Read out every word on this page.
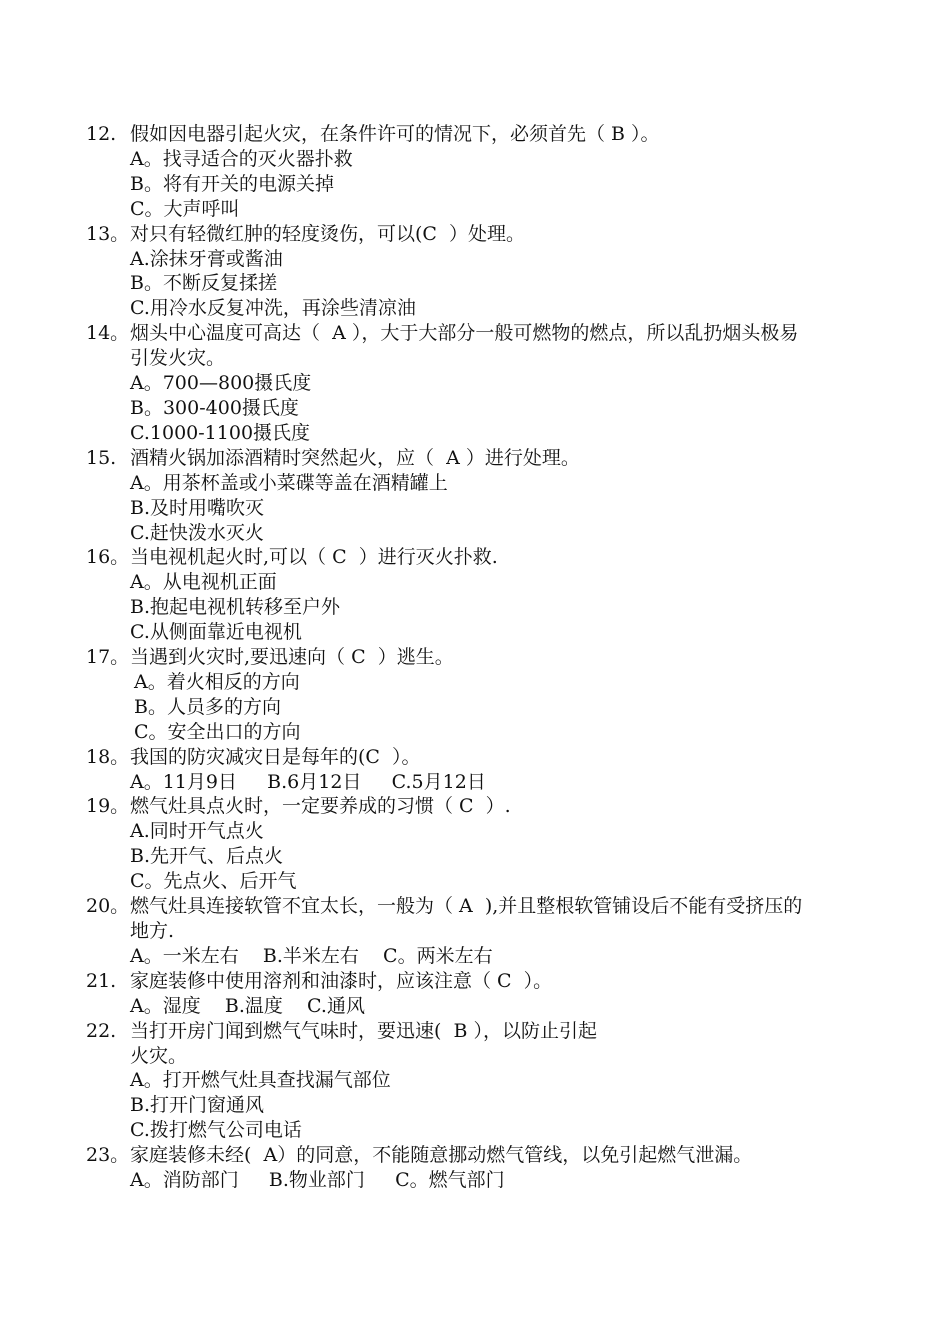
12. 假如因电器引起火灾，在条件许可的情况下，必须首先（ B ）。
A。找寻适合的灭火器扑救
B。将有开关的电源关掉
C。大声呼叫
13。 对只有轻微红肿的轻度烫伤，可以(C  ）处理。
A.涂抹牙膏或酱油
B。不断反复揉搓
C.用冷水反复冲洗，再涂些清凉油
14。 烟头中心温度可高达（  A ），大于大部分一般可燃物的燃点，所以乱扔烟头极易引发火灾。
A。700—800摄氏度
B。300-400摄氏度
C.1000-1100摄氏度
15. 酒精火锅加添酒精时突然起火，应（  A ）进行处理。
A。用茶杯盖或小菜碟等盖在酒精罐上
B.及时用嘴吹灭
C.赶快泼水灭火
16。 当电视机起火时,可以（ C  ）进行灭火扑救.
A。从电视机正面
B.抱起电视机转移至户外
C.从侧面靠近电视机
17。 当遇到火灾时,要迅速向（ C  ）逃生。
A。着火相反的方向
B。人员多的方向
C。安全出口的方向
18。 我国的防灾减灾日是每年的(C  ）。
A。11月9日     B.6月12日     C.5月12日
19。 燃气灶具点火时，一定要养成的习惯（ C  ）.
A.同时开气点火
B.先开气、后点火
C。先点火、后开气
20。 燃气灶具连接软管不宜太长，一般为（ A  ),并且整根软管铺设后不能有受挤压的地方.
A。一米左右    B.半米左右    C。两米左右
21. 家庭装修中使用溶剂和油漆时，应该注意（ C  ）。
A。湿度    B.温度    C.通风
22. 当打开房门闻到燃气气味时，要迅速(  B ），以防止引起
火灾。
A。打开燃气灶具查找漏气部位
B.打开门窗通风
C.拨打燃气公司电话
23。 家庭装修未经(  A）的同意，不能随意挪动燃气管线，以免引起燃气泄漏。
A。消防部门     B.物业部门     C。燃气部门
